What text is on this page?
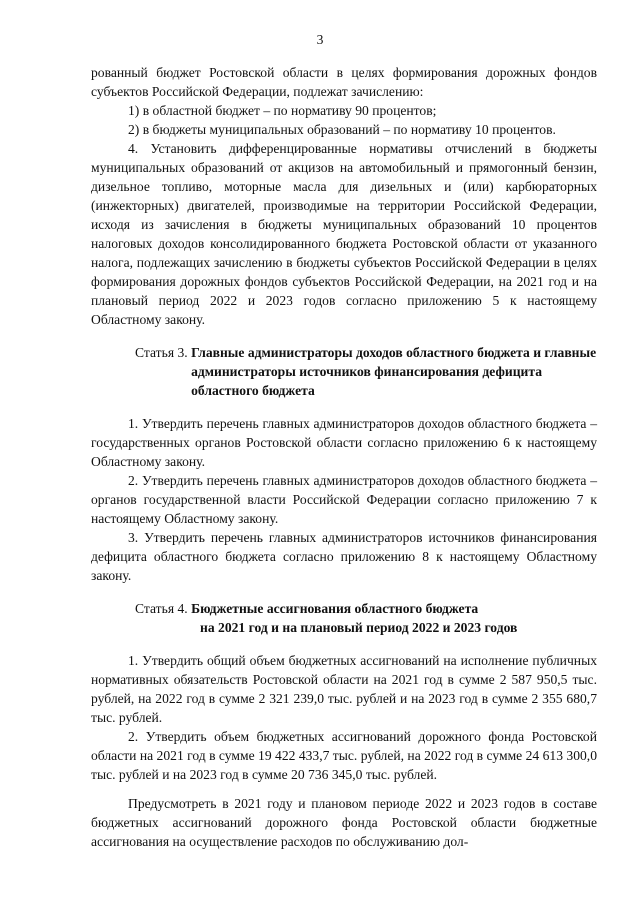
3

рованный бюджет Ростовской области в целях формирования дорожных фондов субъектов Российской Федерации, подлежат зачислению:

1) в областной бюджет – по нормативу 90 процентов;

2) в бюджеты муниципальных образований – по нормативу 10 процентов.

4. Установить дифференцированные нормативы отчислений в бюджеты муниципальных образований от акцизов на автомобильный и прямогонный бензин, дизельное топливо, моторные масла для дизельных и (или) карбюраторных (инжекторных) двигателей, производимые на территории Российской Федерации, исходя из зачисления в бюджеты муниципальных образований 10 процентов налоговых доходов консолидированного бюджета Ростовской области от указанного налога, подлежащих зачислению в бюджеты субъектов Российской Федерации в целях формирования дорожных фондов субъектов Российской Федерации, на 2021 год и на плановый период 2022 и 2023 годов согласно приложению 5 к настоящему Областному закону.

Статья 3.
Главные администраторы доходов областного бюджета и главные администраторы источников финансирования дефицита областного бюджета

1. Утвердить перечень главных администраторов доходов областного бюджета – государственных органов Ростовской области согласно приложению 6 к настоящему Областному закону.

2. Утвердить перечень главных администраторов доходов областного бюджета – органов государственной власти Российской Федерации согласно приложению 7 к настоящему Областному закону.

3. Утвердить перечень главных администраторов источников финансирования дефицита областного бюджета согласно приложению 8 к настоящему Областному закону.

Статья 4. Бюджетные ассигнования областного бюджета
на 2021 год и на плановый период 2022 и 2023 годов

1. Утвердить общий объем бюджетных ассигнований на исполнение публичных нормативных обязательств Ростовской области на 2021 год в сумме 2 587 950,5 тыс. рублей, на 2022 год в сумме 2 321 239,0 тыс. рублей и на 2023 год в сумме 2 355 680,7 тыс. рублей.

2. Утвердить объем бюджетных ассигнований дорожного фонда Ростовской области на 2021 год в сумме 19 422 433,7 тыс. рублей, на 2022 год в сумме 24 613 300,0 тыс. рублей и на 2023 год в сумме 20 736 345,0 тыс. рублей.

Предусмотреть в 2021 году и плановом периоде 2022 и 2023 годов в составе бюджетных ассигнований дорожного фонда Ростовской области бюджетные ассигнования на осуществление расходов по обслуживанию дол-
